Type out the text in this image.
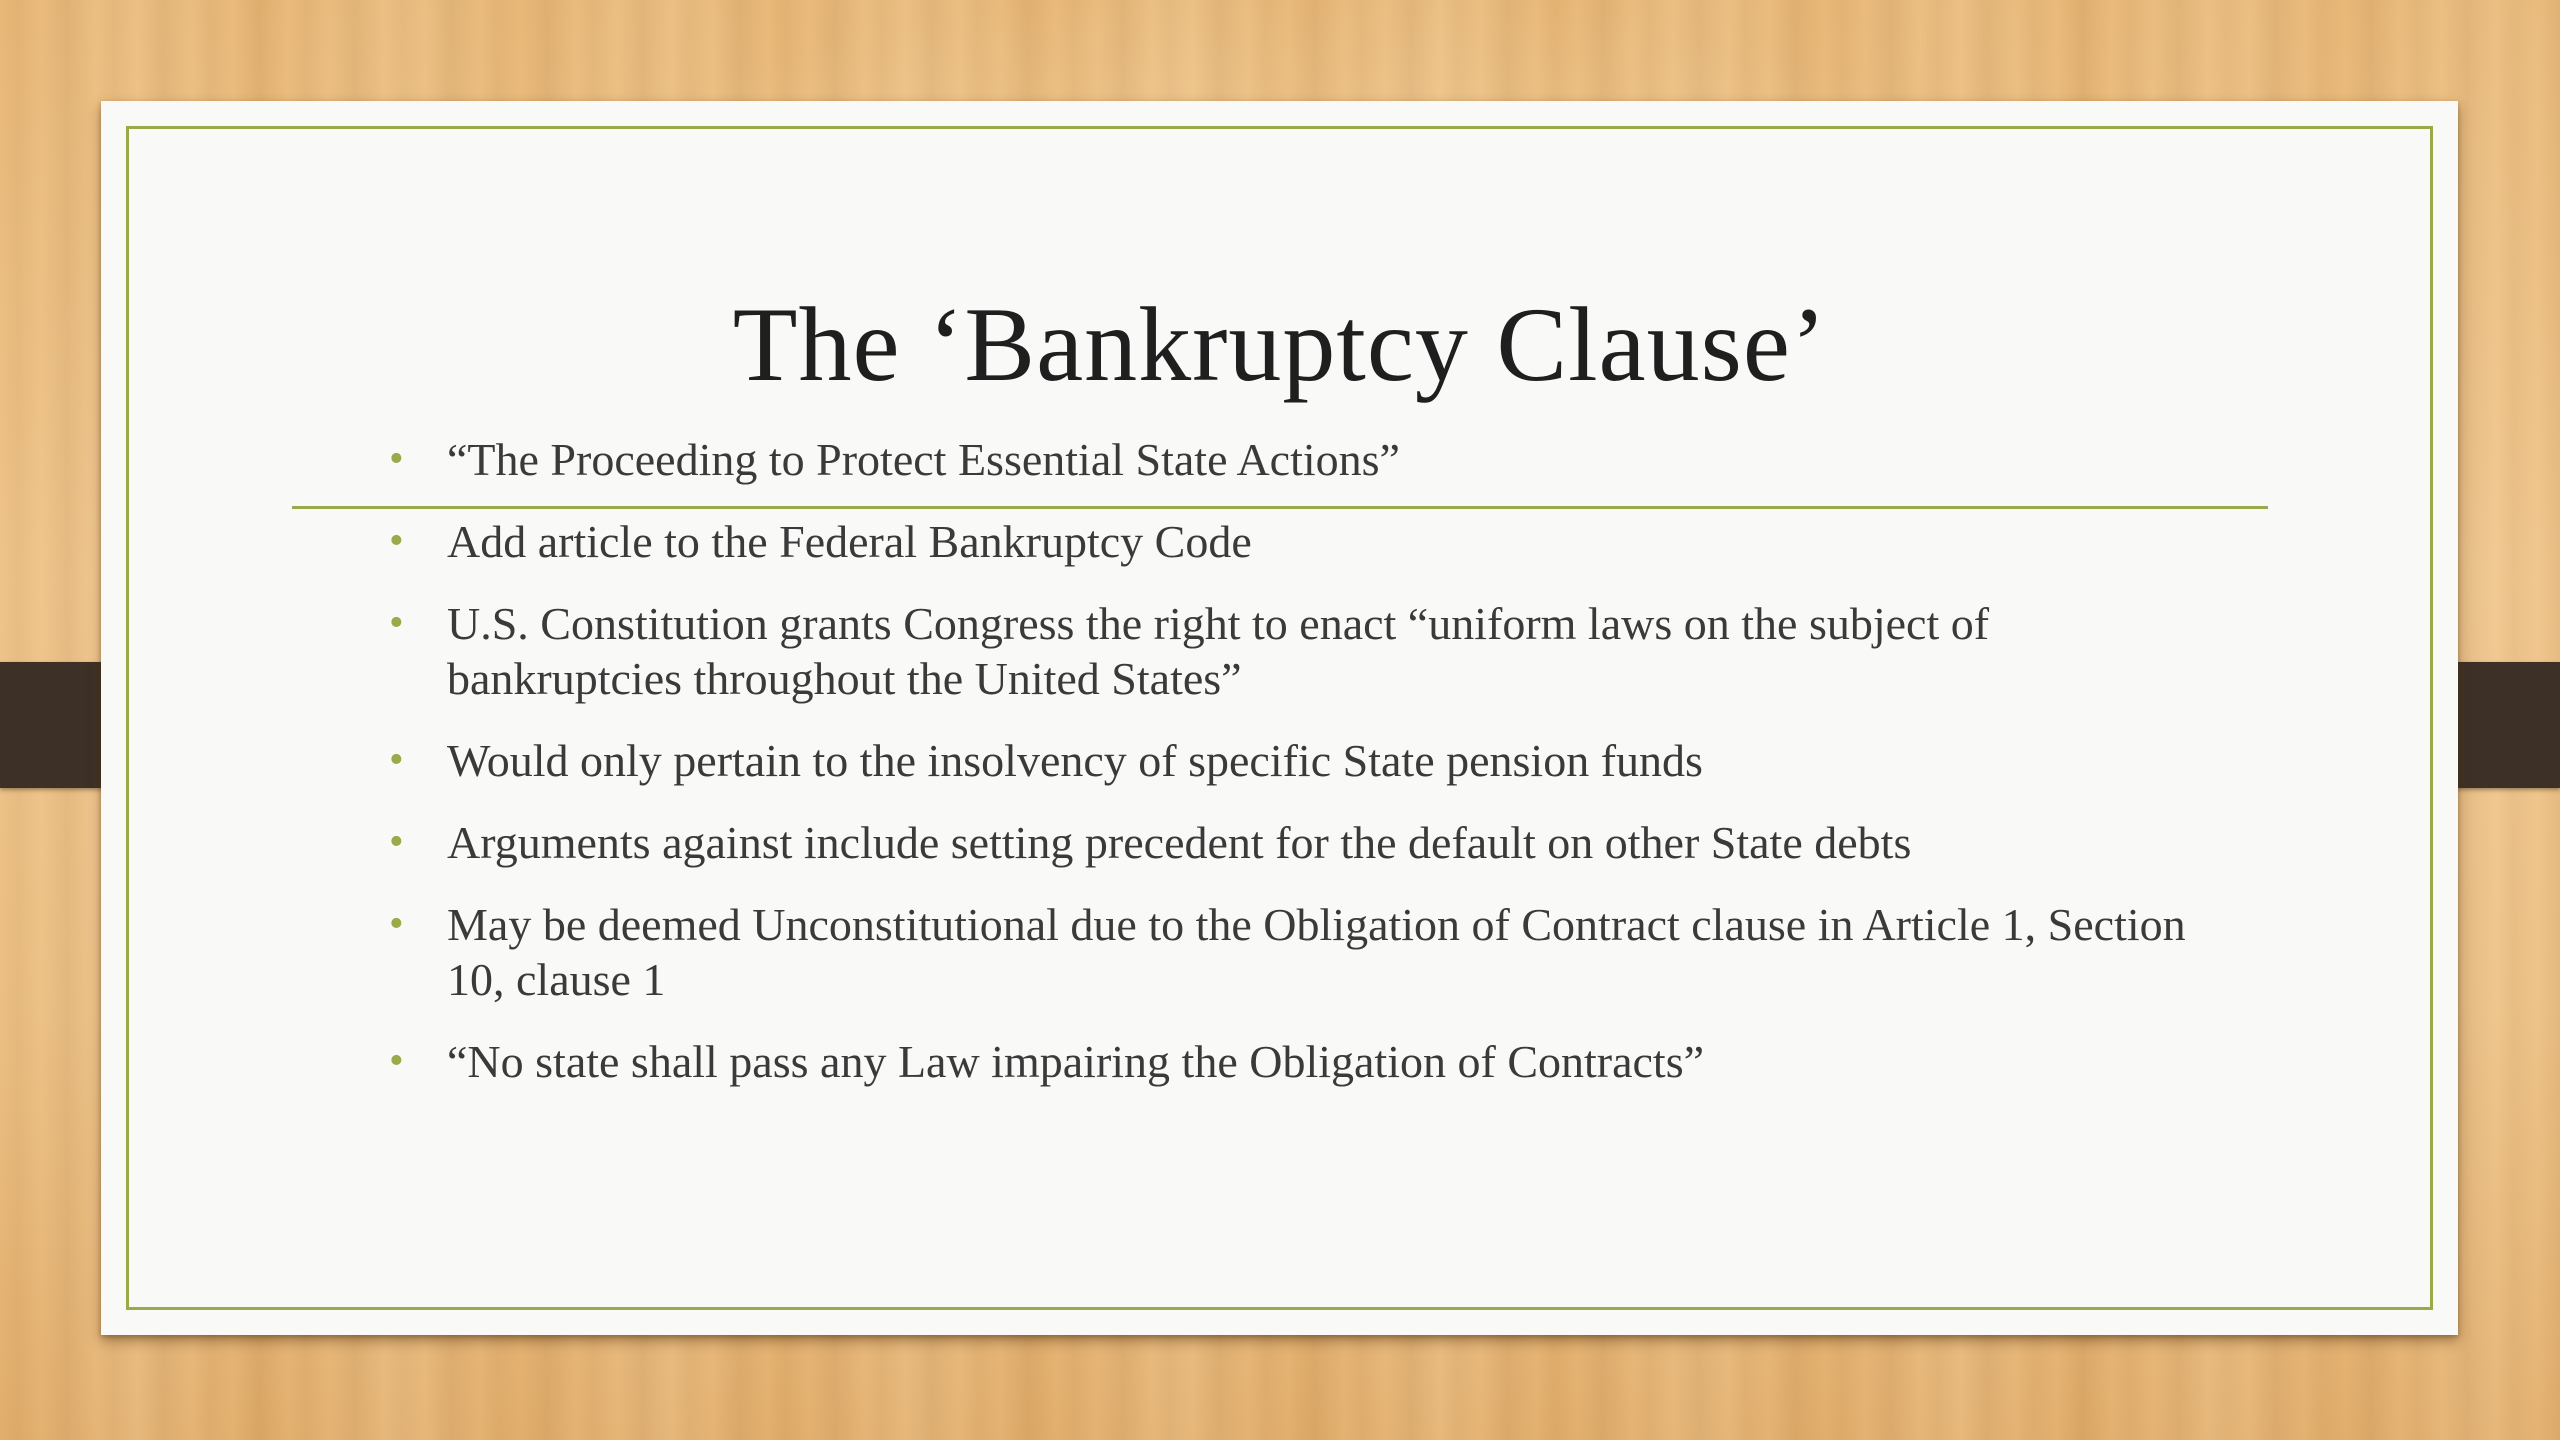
The ‘Bankruptcy Clause’
• “The Proceeding to Protect Essential State Actions”
• Add article to the Federal Bankruptcy Code
• U.S. Constitution grants Congress the right to enact “uniform laws on the subject of bankruptcies throughout the United States”
• Would only pertain to the insolvency of specific State pension funds
• Arguments against include setting precedent for the default on other State debts
• May be deemed Unconstitutional due to the Obligation of Contract clause in Article 1, Section 10, clause 1
• “No state shall pass any Law impairing the Obligation of Contracts”
